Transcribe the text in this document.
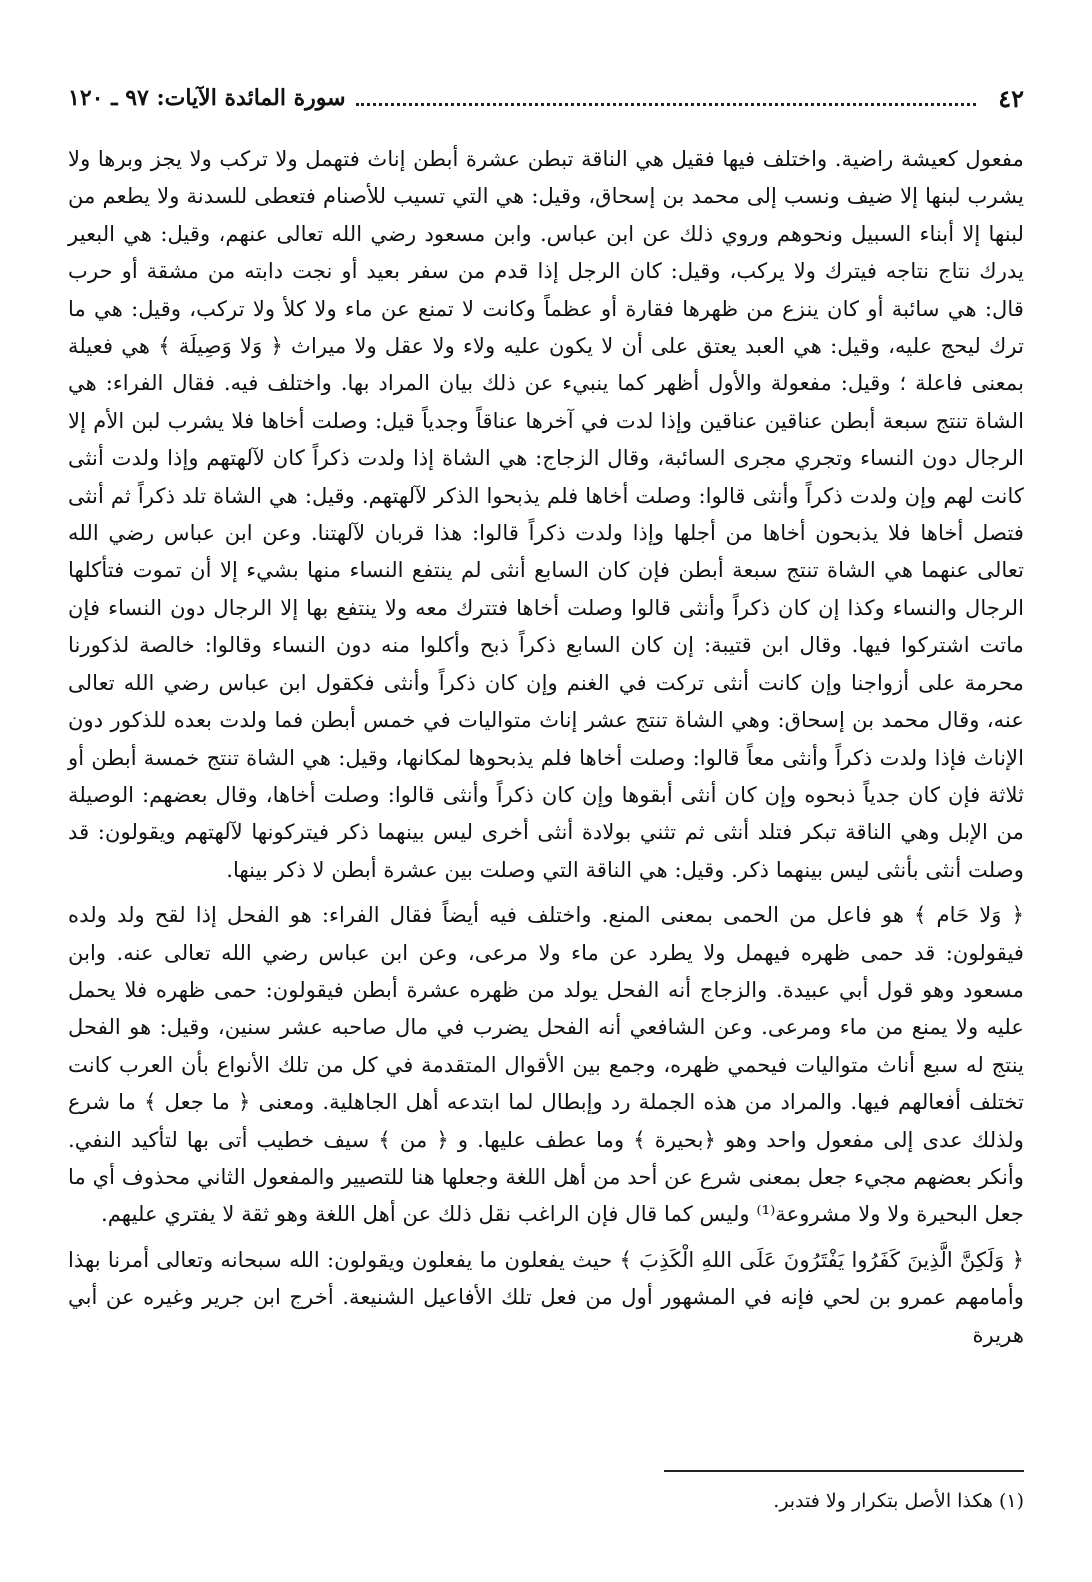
٤٢
سورة المائدة الآيات: ٩٧ ـ ١٢٠

مفعول كعيشة راضية. واختلف فيها فقيل هي الناقة تبطن عشرة أبطن إناث فتهمل ولا تركب ولا يجز وبرها ولا يشرب لبنها إلا ضيف ونسب إلى محمد بن إسحاق، وقيل: هي التي تسيب للأصنام فتعطى للسدنة ولا يطعم من لبنها إلا أبناء السبيل ونحوهم وروي ذلك عن ابن عباس. وابن مسعود رضي الله تعالى عنهم، وقيل: هي البعير يدرك نتاج نتاجه فيترك ولا يركب، وقيل: كان الرجل إذا قدم من سفر بعيد أو نجت دابته من مشقة أو حرب قال: هي سائبة أو كان ينزع من ظهرها فقارة أو عظماً وكانت لا تمنع عن ماء ولا كلأ ولا تركب، وقيل: هي ما ترك ليحج عليه، وقيل: هي العبد يعتق على أن لا يكون عليه ولاء ولا عقل ولا ميراث ﴿ وَلا وَصِيلَة ﴾ هي فعيلة بمعنى فاعلة ؛ وقيل: مفعولة والأول أظهر كما ينبيء عن ذلك بيان المراد بها. واختلف فيه. فقال الفراء: هي الشاة تنتج سبعة أبطن عناقين عناقين وإذا لدت في آخرها عناقاً وجدياً قيل: وصلت أخاها فلا يشرب لبن الأم إلا الرجال دون النساء وتجري مجرى السائبة، وقال الزجاج: هي الشاة إذا ولدت ذكراً كان لآلهتهم وإذا ولدت أنثى كانت لهم وإن ولدت ذكراً وأنثى قالوا: وصلت أخاها فلم يذبحوا الذكر لآلهتهم. وقيل: هي الشاة تلد ذكراً ثم أنثى فتصل أخاها فلا يذبحون أخاها من أجلها وإذا ولدت ذكراً قالوا: هذا قربان لآلهتنا. وعن ابن عباس رضي الله تعالى عنهما هي الشاة تنتج سبعة أبطن فإن كان السابع أنثى لم ينتفع النساء منها بشيء إلا أن تموت فتأكلها الرجال والنساء وكذا إن كان ذكراً وأنثى قالوا وصلت أخاها فتترك معه ولا ينتفع بها إلا الرجال دون النساء فإن ماتت اشتركوا فيها. وقال ابن قتيبة: إن كان السابع ذكراً ذبح وأكلوا منه دون النساء وقالوا: خالصة لذكورنا محرمة على أزواجنا وإن كانت أنثى تركت في الغنم وإن كان ذكراً وأنثى فكقول ابن عباس رضي الله تعالى عنه، وقال محمد بن إسحاق: وهي الشاة تنتج عشر إناث متواليات في خمس أبطن فما ولدت بعده للذكور دون الإناث فإذا ولدت ذكراً وأنثى معاً قالوا: وصلت أخاها فلم يذبحوها لمكانها، وقيل: هي الشاة تنتج خمسة أبطن أو ثلاثة فإن كان جدياً ذبحوه وإن كان أنثى أبقوها وإن كان ذكراً وأنثى قالوا: وصلت أخاها، وقال بعضهم: الوصيلة من الإبل وهي الناقة تبكر فتلد أنثى ثم تثني بولادة أنثى أخرى ليس بينهما ذكر فيتركونها لآلهتهم ويقولون: قد وصلت أنثى بأنثى ليس بينهما ذكر. وقيل: هي الناقة التي وصلت بين عشرة أبطن لا ذكر بينها.

﴿ وَلا حَام ﴾ هو فاعل من الحمى بمعنى المنع. واختلف فيه أيضاً فقال الفراء: هو الفحل إذا لقح ولد ولده فيقولون: قد حمى ظهره فيهمل ولا يطرد عن ماء ولا مرعى، وعن ابن عباس رضي الله تعالى عنه. وابن مسعود وهو قول أبي عبيدة. والزجاج أنه الفحل يولد من ظهره عشرة أبطن فيقولون: حمى ظهره فلا يحمل عليه ولا يمنع من ماء ومرعى. وعن الشافعي أنه الفحل يضرب في مال صاحبه عشر سنين، وقيل: هو الفحل ينتج له سبع أناث متواليات فيحمي ظهره، وجمع بين الأقوال المتقدمة في كل من تلك الأنواع بأن العرب كانت تختلف أفعالهم فيها. والمراد من هذه الجملة رد وإبطال لما ابتدعه أهل الجاهلية. ومعنى ﴿ ما جعل ﴾ ما شرع ولذلك عدى إلى مفعول واحد وهو ﴿بحيرة ﴾ وما عطف عليها. و ﴿ من ﴾ سيف خطيب أتى بها لتأكيد النفي. وأنكر بعضهم مجيء جعل بمعنى شرع عن أحد من أهل اللغة وجعلها هنا للتصيير والمفعول الثاني محذوف أي ما جعل البحيرة ولا ولا مشروعة⁽¹⁾ وليس كما قال فإن الراغب نقل ذلك عن أهل اللغة وهو ثقة لا يفتري عليهم.

﴿ وَلَكِنَّ الَّذِينَ كَفَرُوا يَفْتَرُونَ عَلَى اللهِ الْكَذِبَ ﴾ حيث يفعلون ما يفعلون ويقولون: الله سبحانه وتعالى أمرنا بهذا وأمامهم عمرو بن لحي فإنه في المشهور أول من فعل تلك الأفاعيل الشنيعة. أخرج ابن جرير وغيره عن أبي هريرة

(١) هكذا الأصل بتكرار ولا فتدبر.
